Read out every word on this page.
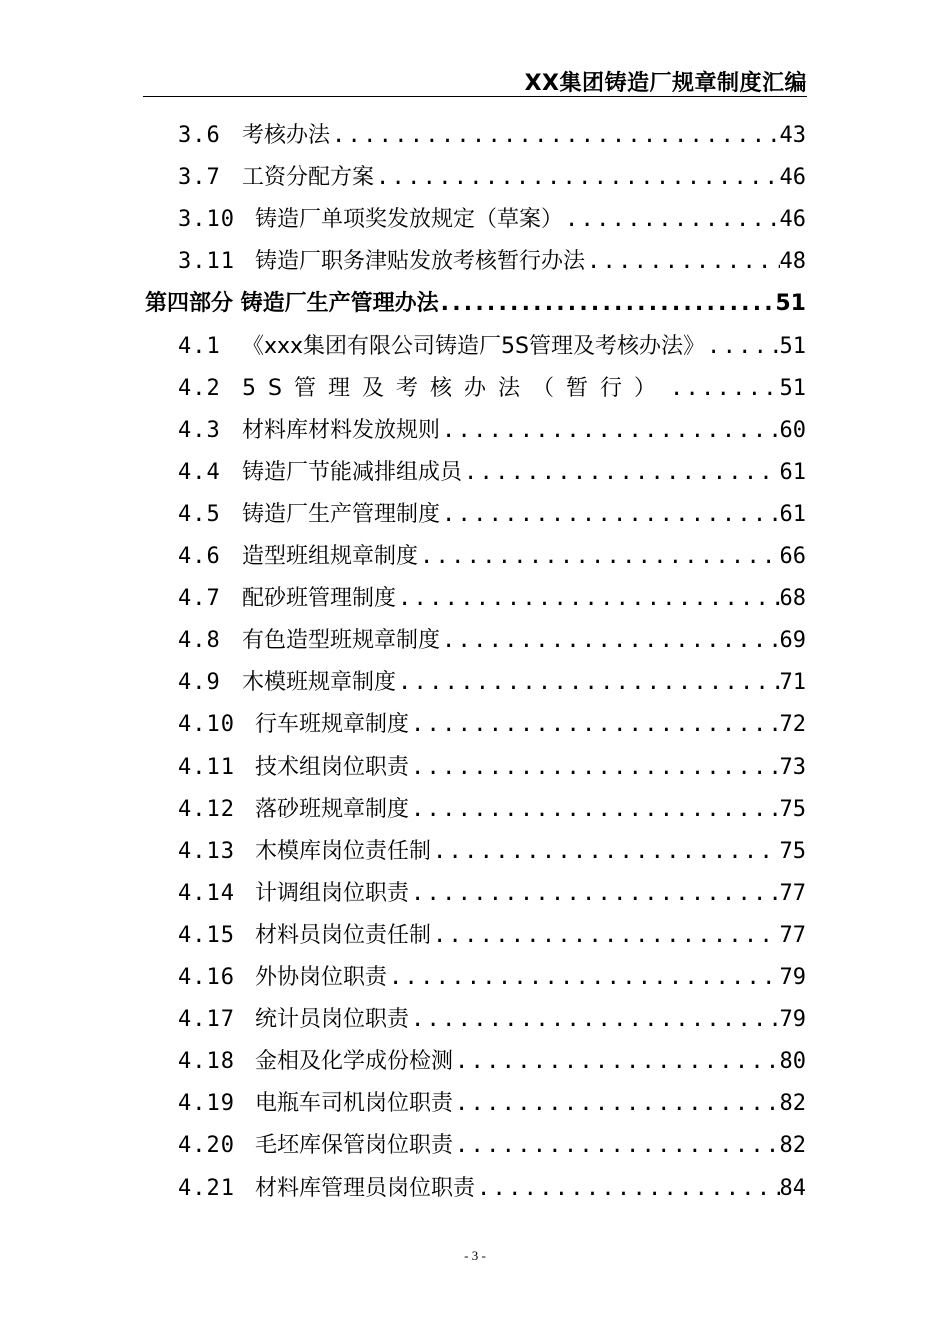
XX集团铸造厂规章制度汇编
3.6 考核办法 .....	43
3.7 工资分配方案 .....	46
3.10 铸造厂单项奖发放规定（草案） .....	46
3.11 铸造厂职务津贴发放考核暂行办法 .....	48
第四部分 铸造厂生产管理办法 .....	51
4.1 《xxx集团有限公司铸造厂5S管理及考核办法》 .....	51
4.2 5S管理及考核办法（暂行） .....	51
4.3 材料库材料发放规则 .....	60
4.4 铸造厂节能减排组成员 .....	61
4.5 铸造厂生产管理制度 .....	61
4.6 造型班组规章制度 .....	66
4.7 配砂班管理制度 .....	68
4.8 有色造型班规章制度 .....	69
4.9 木模班规章制度 .....	71
4.10 行车班规章制度 .....	72
4.11 技术组岗位职责 .....	73
4.12 落砂班规章制度 .....	75
4.13 木模库岗位责任制 .....	75
4.14 计调组岗位职责 .....	77
4.15 材料员岗位责任制 .....	77
4.16 外协岗位职责 .....	79
4.17 统计员岗位职责 .....	79
4.18 金相及化学成份检测 .....	80
4.19 电瓶车司机岗位职责 .....	82
4.20 毛坯库保管岗位职责 .....	82
4.21 材料库管理员岗位职责 .....	84
- 3 -
